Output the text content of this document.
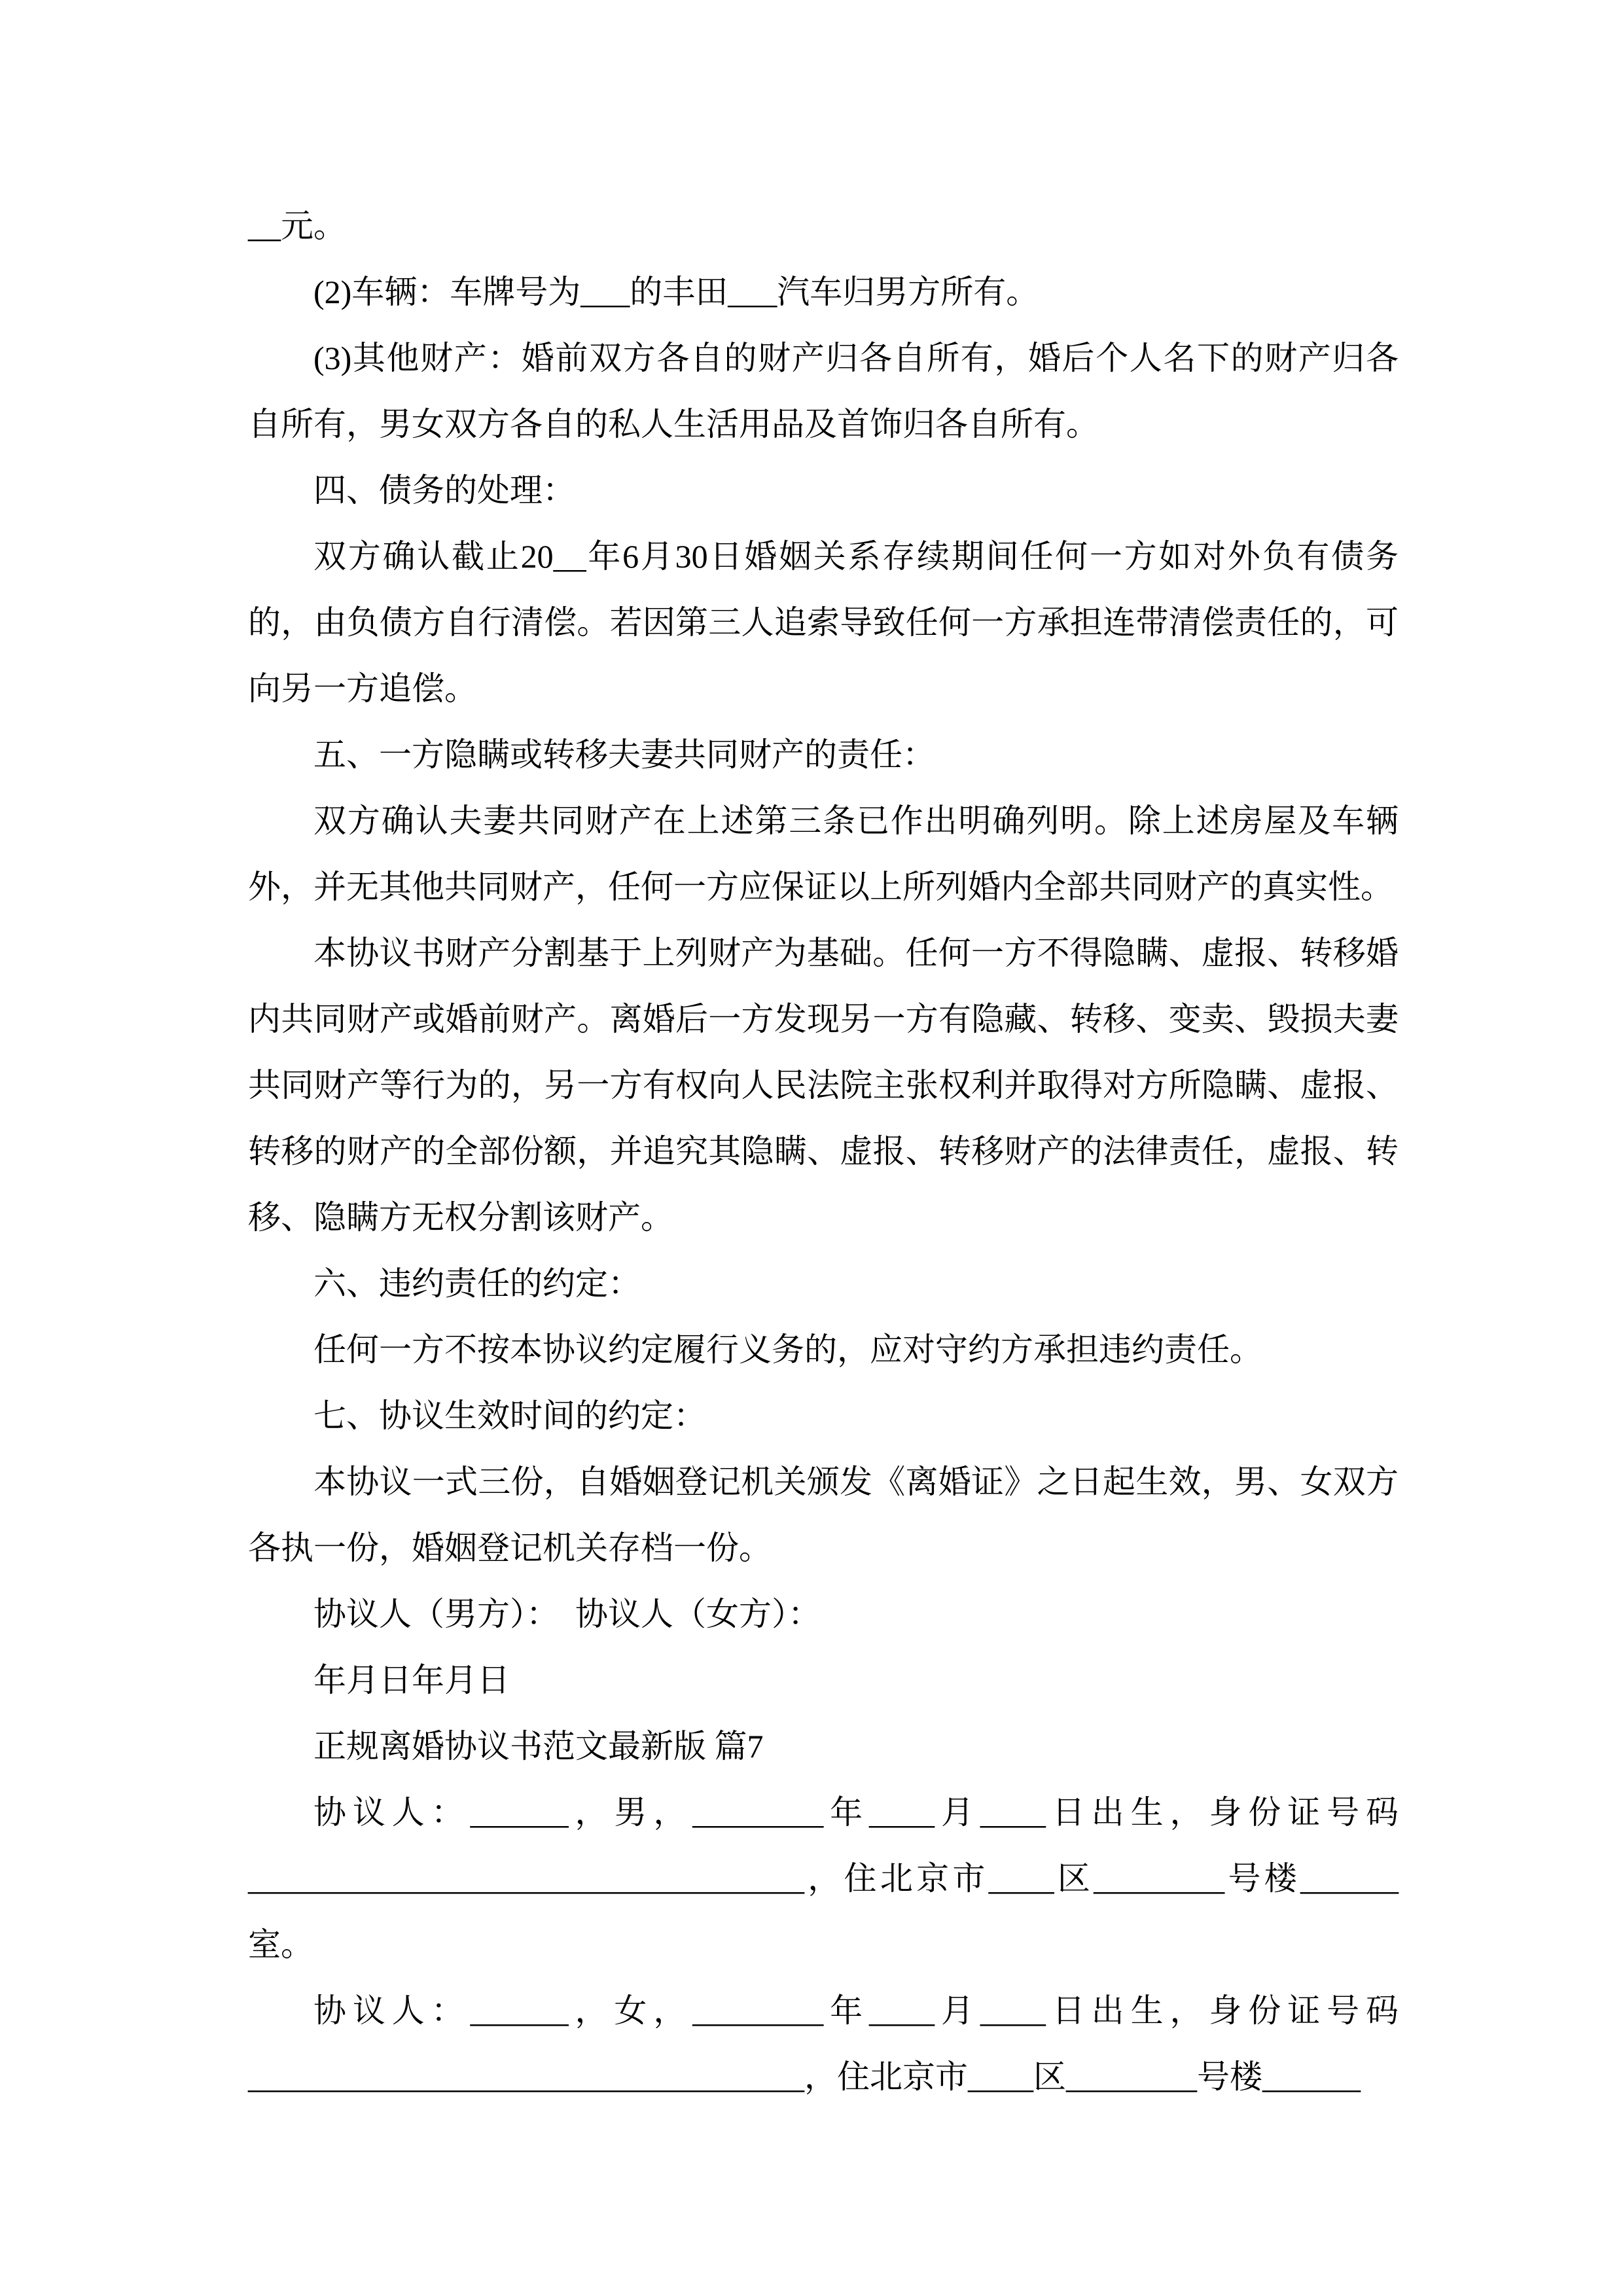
__元。

(2)车辆：车牌号为___的丰田___汽车归男方所有。

(3)其他财产：婚前双方各自的财产归各自所有，婚后个人名下的财产归各自所有，男女双方各自的私人生活用品及首饰归各自所有。

四、债务的处理：

双方确认截止20__年6月30日婚姻关系存续期间任何一方如对外负有债务的，由负债方自行清偿。若因第三人追索导致任何一方承担连带清偿责任的，可向另一方追偿。

五、一方隐瞒或转移夫妻共同财产的责任：

双方确认夫妻共同财产在上述第三条已作出明确列明。除上述房屋及车辆外，并无其他共同财产，任何一方应保证以上所列婚内全部共同财产的真实性。

本协议书财产分割基于上列财产为基础。任何一方不得隐瞒、虚报、转移婚内共同财产或婚前财产。离婚后一方发现另一方有隐藏、转移、变卖、毁损夫妻共同财产等行为的，另一方有权向人民法院主张权利并取得对方所隐瞒、虚报、转移的财产的全部份额，并追究其隐瞒、虚报、转移财产的法律责任，虚报、转移、隐瞒方无权分割该财产。

六、违约责任的约定：

任何一方不按本协议约定履行义务的，应对守约方承担违约责任。

七、协议生效时间的约定：

本协议一式三份，自婚姻登记机关颁发《离婚证》之日起生效，男、女双方各执一份，婚姻登记机关存档一份。

协议人（男方）：　协议人（女方）：

年月日年月日

正规离婚协议书范文最新版 篇7

协议人：______，男，________年____月____日出生，身份证号码__________________________________，住北京市____区________号楼______室。

协议人：______，女，________年____月____日出生，身份证号码__________________________________，住北京市____区________号楼______
